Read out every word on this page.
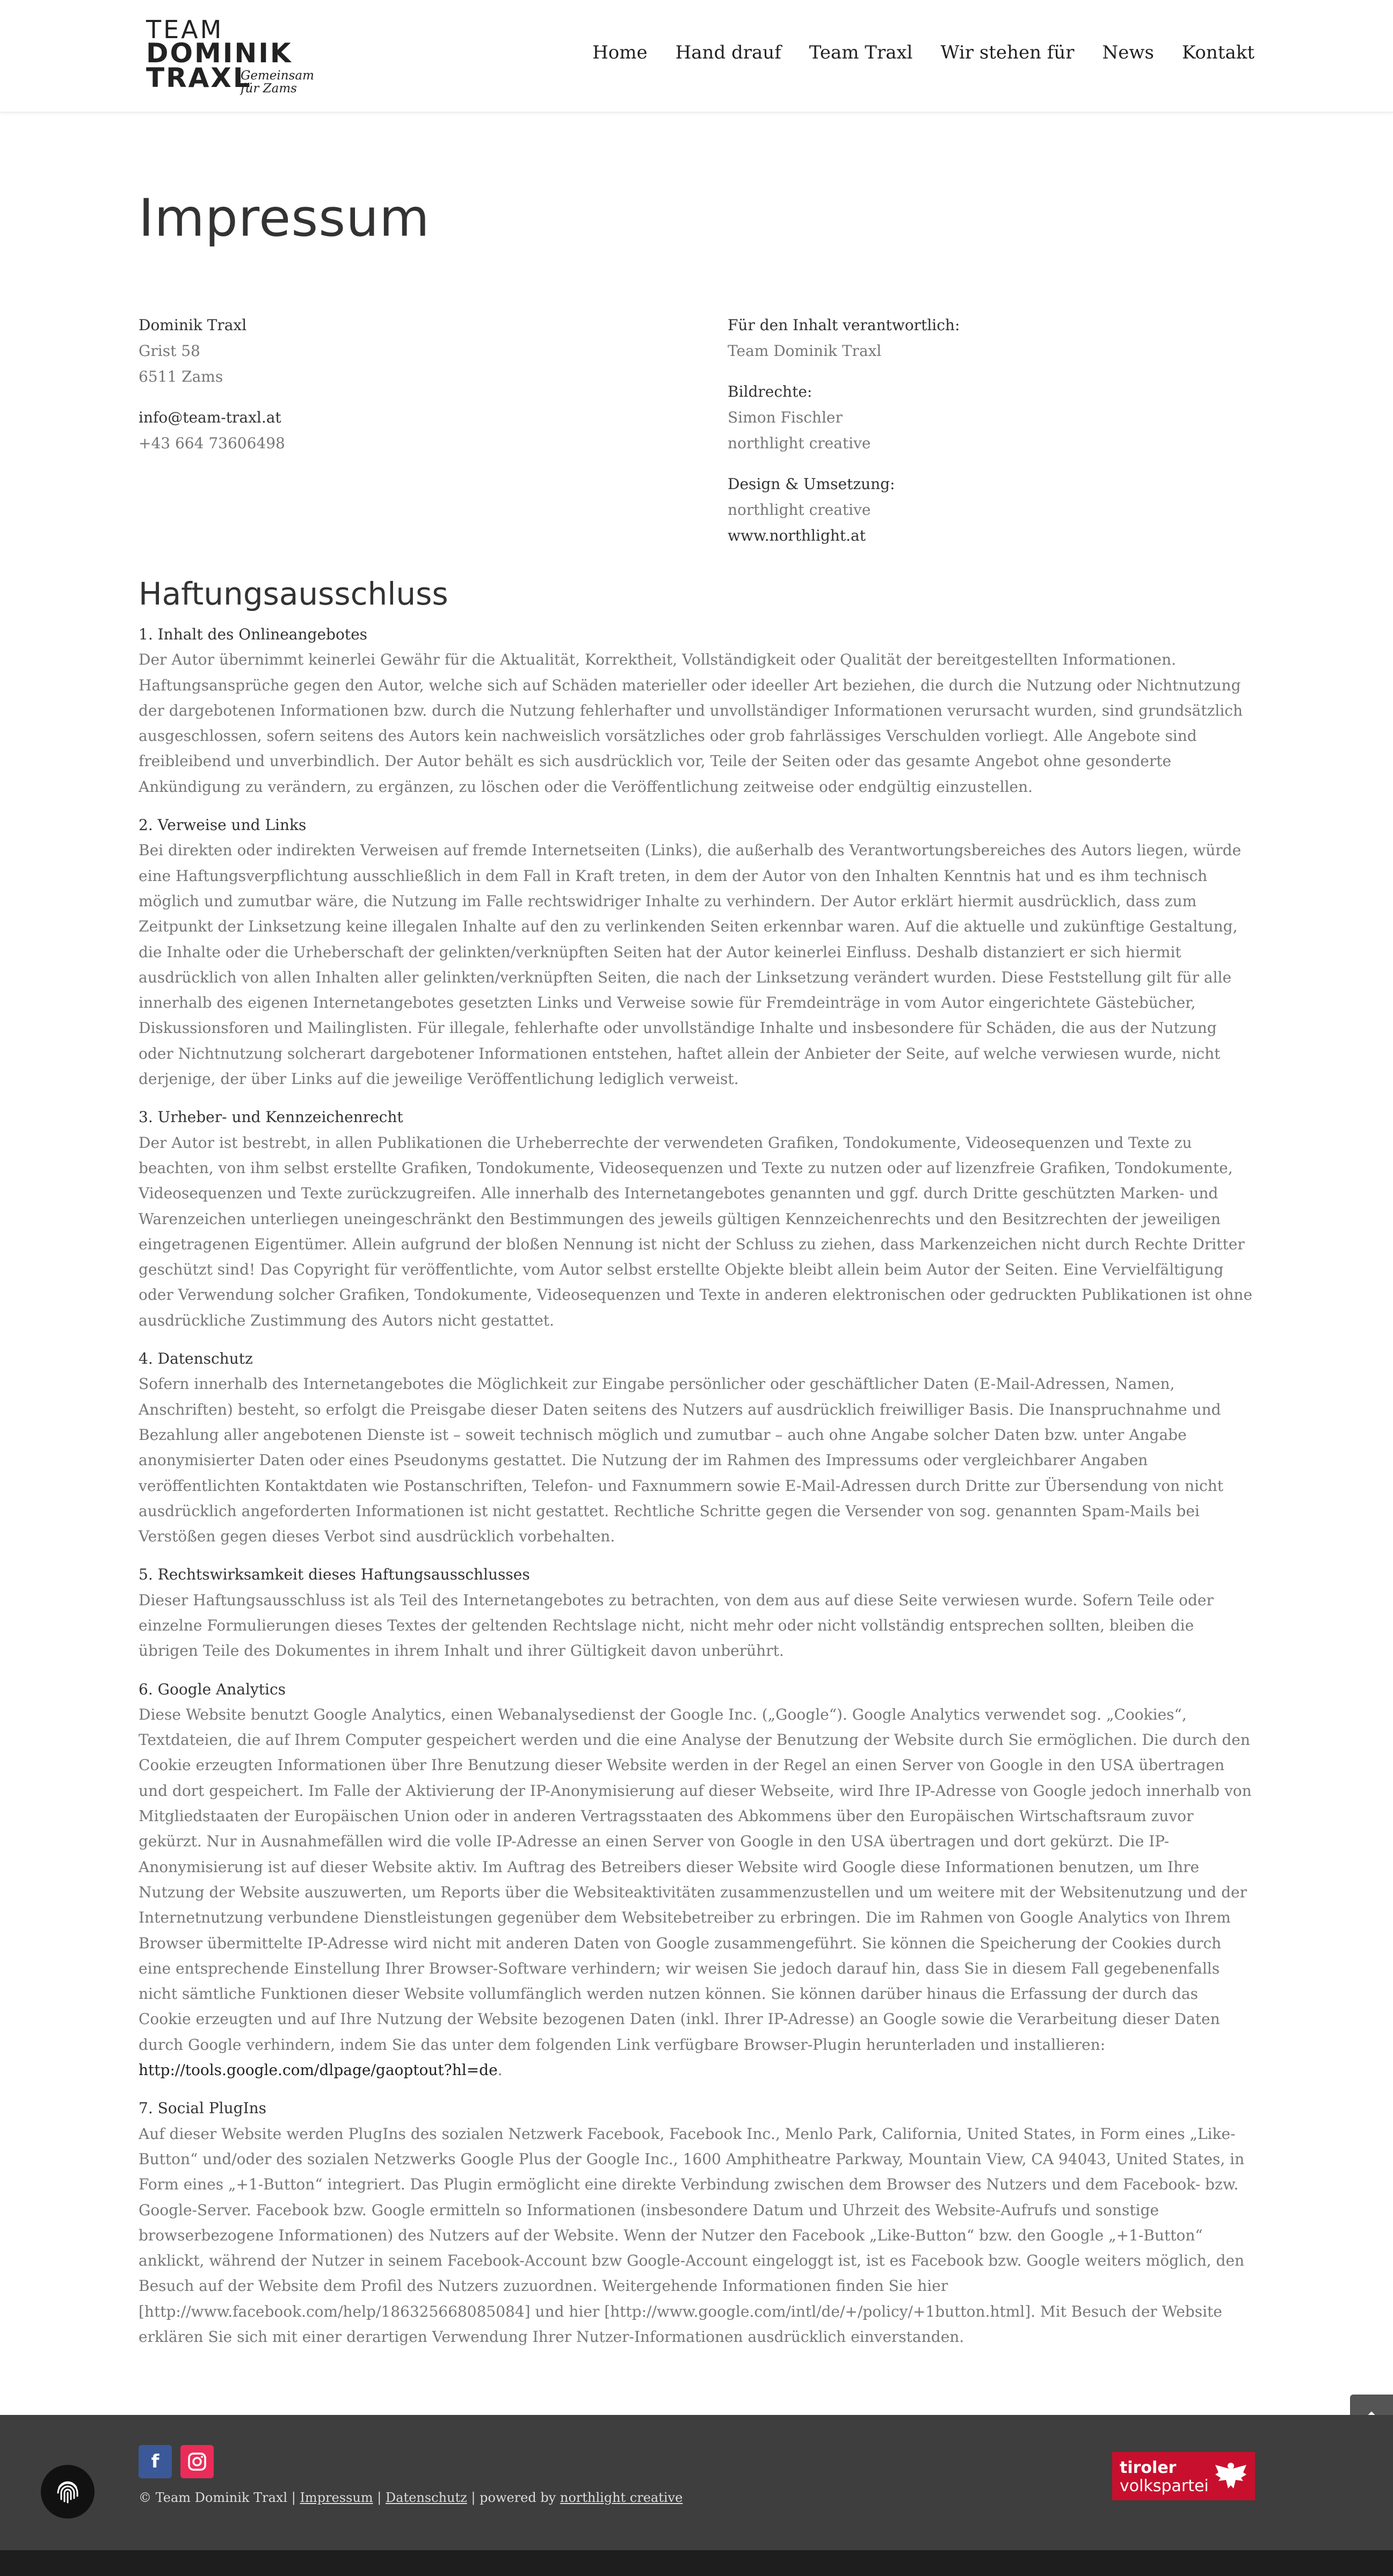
TEAM
DOMINIK
TRAXL
Gemeinsam
für Zams
Home Hand drauf Team Traxl Wir stehen für News Kontakt
Impressum
Dominik Traxl
Grist 58
6511 Zams
info@team-traxl.at
+43 664 73606498
Für den Inhalt verantwortlich:
Team Dominik Traxl
Bildrechte:
Simon Fischler
northlight creative
Design & Umsetzung:
northlight creative
www.northlight.at
Haftungsausschluss
1. Inhalt des Onlineangebotes

Der Autor übernimmt keinerlei Gewähr für die Aktualität, Korrektheit, Vollständigkeit oder Qualität der bereitgestellten Informationen. Haftungsansprüche gegen den Autor, welche sich auf Schäden materieller oder ideeller Art beziehen, die durch die Nutzung oder Nichtnutzung der dargebotenen Informationen bzw. durch die Nutzung fehlerhafter und unvollständiger Informationen verursacht wurden, sind grundsätzlich ausgeschlossen, sofern seitens des Autors kein nachweislich vorsätzliches oder grob fahrlässiges Verschulden vorliegt. Alle Angebote sind freibleibend und unverbindlich. Der Autor behält es sich ausdrücklich vor, Teile der Seiten oder das gesamte Angebot ohne gesonderte Ankündigung zu verändern, zu ergänzen, zu löschen oder die Veröffentlichung zeitweise oder endgültig einzustellen.

2. Verweise und Links

Bei direkten oder indirekten Verweisen auf fremde Internetseiten (Links), die außerhalb des Verantwortungsbereiches des Autors liegen, würde eine Haftungsverpflichtung ausschließlich in dem Fall in Kraft treten, in dem der Autor von den Inhalten Kenntnis hat und es ihm technisch möglich und zumutbar wäre, die Nutzung im Falle rechtswidriger Inhalte zu verhindern. Der Autor erklärt hiermit ausdrücklich, dass zum Zeitpunkt der Linksetzung keine illegalen Inhalte auf den zu verlinkenden Seiten erkennbar waren. Auf die aktuelle und zukünftige Gestaltung, die Inhalte oder die Urheberschaft der gelinkten/verknüpften Seiten hat der Autor keinerlei Einfluss. Deshalb distanziert er sich hiermit ausdrücklich von allen Inhalten aller gelinkten/verknüpften Seiten, die nach der Linksetzung verändert wurden. Diese Feststellung gilt für alle innerhalb des eigenen Internetangebotes gesetzten Links und Verweise sowie für Fremdeinträge in vom Autor eingerichtete Gästebücher, Diskussionsforen und Mailinglisten. Für illegale, fehlerhafte oder unvollständige Inhalte und insbesondere für Schäden, die aus der Nutzung oder Nichtnutzung solcherart dargebotener Informationen entstehen, haftet allein der Anbieter der Seite, auf welche verwiesen wurde, nicht derjenige, der über Links auf die jeweilige Veröffentlichung lediglich verweist.

3. Urheber- und Kennzeichenrecht

Der Autor ist bestrebt, in allen Publikationen die Urheberrechte der verwendeten Grafiken, Tondokumente, Videosequenzen und Texte zu beachten, von ihm selbst erstellte Grafiken, Tondokumente, Videosequenzen und Texte zu nutzen oder auf lizenzfreie Grafiken, Tondokumente, Videosequenzen und Texte zurückzugreifen. Alle innerhalb des Internetangebotes genannten und ggf. durch Dritte geschützten Marken- und Warenzeichen unterliegen uneingeschränkt den Bestimmungen des jeweils gültigen Kennzeichenrechts und den Besitzrechten der jeweiligen eingetragenen Eigentümer. Allein aufgrund der bloßen Nennung ist nicht der Schluss zu ziehen, dass Markenzeichen nicht durch Rechte Dritter geschützt sind! Das Copyright für veröffentlichte, vom Autor selbst erstellte Objekte bleibt allein beim Autor der Seiten. Eine Vervielfältigung oder Verwendung solcher Grafiken, Tondokumente, Videosequenzen und Texte in anderen elektronischen oder gedruckten Publikationen ist ohne ausdrückliche Zustimmung des Autors nicht gestattet.

4. Datenschutz

Sofern innerhalb des Internetangebotes die Möglichkeit zur Eingabe persönlicher oder geschäftlicher Daten (E-Mail-Adressen, Namen, Anschriften) besteht, so erfolgt die Preisgabe dieser Daten seitens des Nutzers auf ausdrücklich freiwilliger Basis. Die Inanspruchnahme und Bezahlung aller angebotenen Dienste ist – soweit technisch möglich und zumutbar – auch ohne Angabe solcher Daten bzw. unter Angabe anonymisierter Daten oder eines Pseudonyms gestattet. Die Nutzung der im Rahmen des Impressums oder vergleichbarer Angaben veröffentlichten Kontaktdaten wie Postanschriften, Telefon- und Faxnummern sowie E-Mail-Adressen durch Dritte zur Übersendung von nicht ausdrücklich angeforderten Informationen ist nicht gestattet. Rechtliche Schritte gegen die Versender von sog. genannten Spam-Mails bei Verstößen gegen dieses Verbot sind ausdrücklich vorbehalten.

5. Rechtswirksamkeit dieses Haftungsausschlusses

Dieser Haftungsausschluss ist als Teil des Internetangebotes zu betrachten, von dem aus auf diese Seite verwiesen wurde. Sofern Teile oder einzelne Formulierungen dieses Textes der geltenden Rechtslage nicht, nicht mehr oder nicht vollständig entsprechen sollten, bleiben die übrigen Teile des Dokumentes in ihrem Inhalt und ihrer Gültigkeit davon unberührt.

6. Google Analytics

Diese Website benutzt Google Analytics, einen Webanalysedienst der Google Inc. („Google“). Google Analytics verwendet sog. „Cookies“, Textdateien, die auf Ihrem Computer gespeichert werden und die eine Analyse der Benutzung der Website durch Sie ermöglichen. Die durch den Cookie erzeugten Informationen über Ihre Benutzung dieser Website werden in der Regel an einen Server von Google in den USA übertragen und dort gespeichert. Im Falle der Aktivierung der IP-Anonymisierung auf dieser Webseite, wird Ihre IP-Adresse von Google jedoch innerhalb von Mitgliedstaaten der Europäischen Union oder in anderen Vertragsstaaten des Abkommens über den Europäischen Wirtschaftsraum zuvor gekürzt. Nur in Ausnahmefällen wird die volle IP-Adresse an einen Server von Google in den USA übertragen und dort gekürzt. Die IP-Anonymisierung ist auf dieser Website aktiv. Im Auftrag des Betreibers dieser Website wird Google diese Informationen benutzen, um Ihre Nutzung der Website auszuwerten, um Reports über die Websiteaktivitäten zusammenzustellen und um weitere mit der Websitenutzung und der Internetnutzung verbundene Dienstleistungen gegenüber dem Websitebetreiber zu erbringen. Die im Rahmen von Google Analytics von Ihrem Browser übermittelte IP-Adresse wird nicht mit anderen Daten von Google zusammengeführt. Sie können die Speicherung der Cookies durch eine entsprechende Einstellung Ihrer Browser-Software verhindern; wir weisen Sie jedoch darauf hin, dass Sie in diesem Fall gegebenenfalls nicht sämtliche Funktionen dieser Website vollumfänglich werden nutzen können. Sie können darüber hinaus die Erfassung der durch das Cookie erzeugten und auf Ihre Nutzung der Website bezogenen Daten (inkl. Ihrer IP-Adresse) an Google sowie die Verarbeitung dieser Daten durch Google verhindern, indem Sie das unter dem folgenden Link verfügbare Browser-Plugin herunterladen und installieren: http://tools.google.com/dlpage/gaoptout?hl=de.

7. Social PlugIns

Auf dieser Website werden PlugIns des sozialen Netzwerk Facebook, Facebook Inc., Menlo Park, California, United States, in Form eines „Like-Button“ und/oder des sozialen Netzwerks Google Plus der Google Inc., 1600 Amphitheatre Parkway, Mountain View, CA 94043, United States, in Form eines „+1-Button“ integriert. Das Plugin ermöglicht eine direkte Verbindung zwischen dem Browser des Nutzers und dem Facebook- bzw. Google-Server. Facebook bzw. Google ermitteln so Informationen (insbesondere Datum und Uhrzeit des Website-Aufrufs und sonstige browserbezogene Informationen) des Nutzers auf der Website. Wenn der Nutzer den Facebook „Like-Button“ bzw. den Google „+1-Button“ anklickt, während der Nutzer in seinem Facebook-Account bzw Google-Account eingeloggt ist, ist es Facebook bzw. Google weiters möglich, den Besuch auf der Website dem Profil des Nutzers zuzuordnen. Weitergehende Informationen finden Sie hier [http://www.facebook.com/help/186325668085084] und hier [http://www.google.com/intl/de/+/policy/+1button.html]. Mit Besuch der Website erklären Sie sich mit einer derartigen Verwendung Ihrer Nutzer-Informationen ausdrücklich einverstanden.

f
© Team Dominik Traxl | Impressum | Datenschutz | powered by northlight creative
tiroler
volkspartei
